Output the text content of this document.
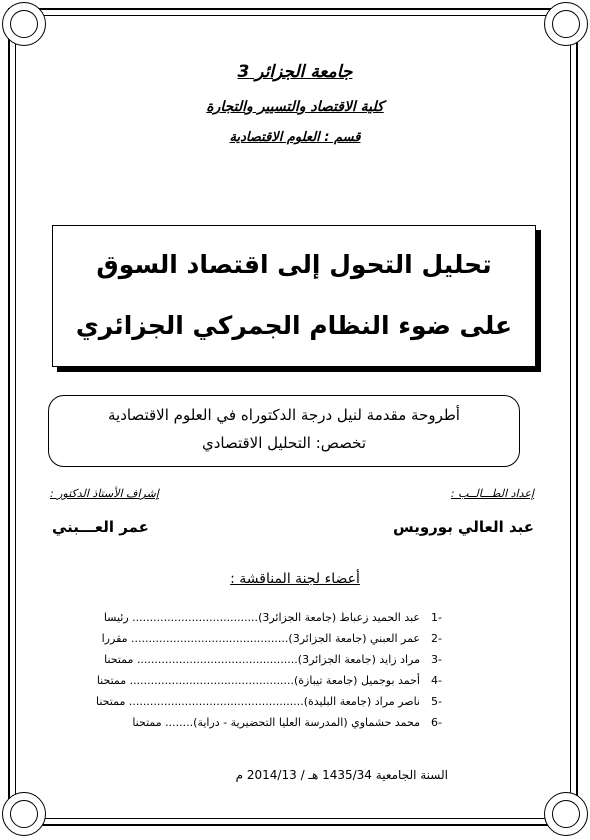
جامعة الجزائر 3
كلية الاقتصاد والتسيير والتجارة
قسم : العلوم الاقتصادية
تحليل التحول إلى اقتصاد السوق
على ضوء النظام الجمركي الجزائري
أطروحة مقدمة لنيل درجة الدكتوراه في العلوم الاقتصادية
تخصص: التحليل الاقتصادي
إعداد الطـــالــب :
إشراف الأستاذ الدكتور :
عبد العالي بورويس
عمر العـــبني
أعضاء لجنة المناقشة :
-1
عبد الحميد زعباط (جامعة الجزائر3).................................... رئيسا
-2
عمر العبني (جامعة الجزائر3)............................................. مقررا
-3
مراد زايد (جامعة الجزائر3).............................................. ممتحنا
-4
أحمد بوجميل (جامعة تيبازة)............................................... ممتحنا
-5
ناصر مراد (جامعة البليدة).................................................. ممتحنا
-6
محمد حشماوي (المدرسة العليا التحضيرية - دراية)........ ممتحنا
السنة الجامعية 1435/34 هـ / 2014/13 م
